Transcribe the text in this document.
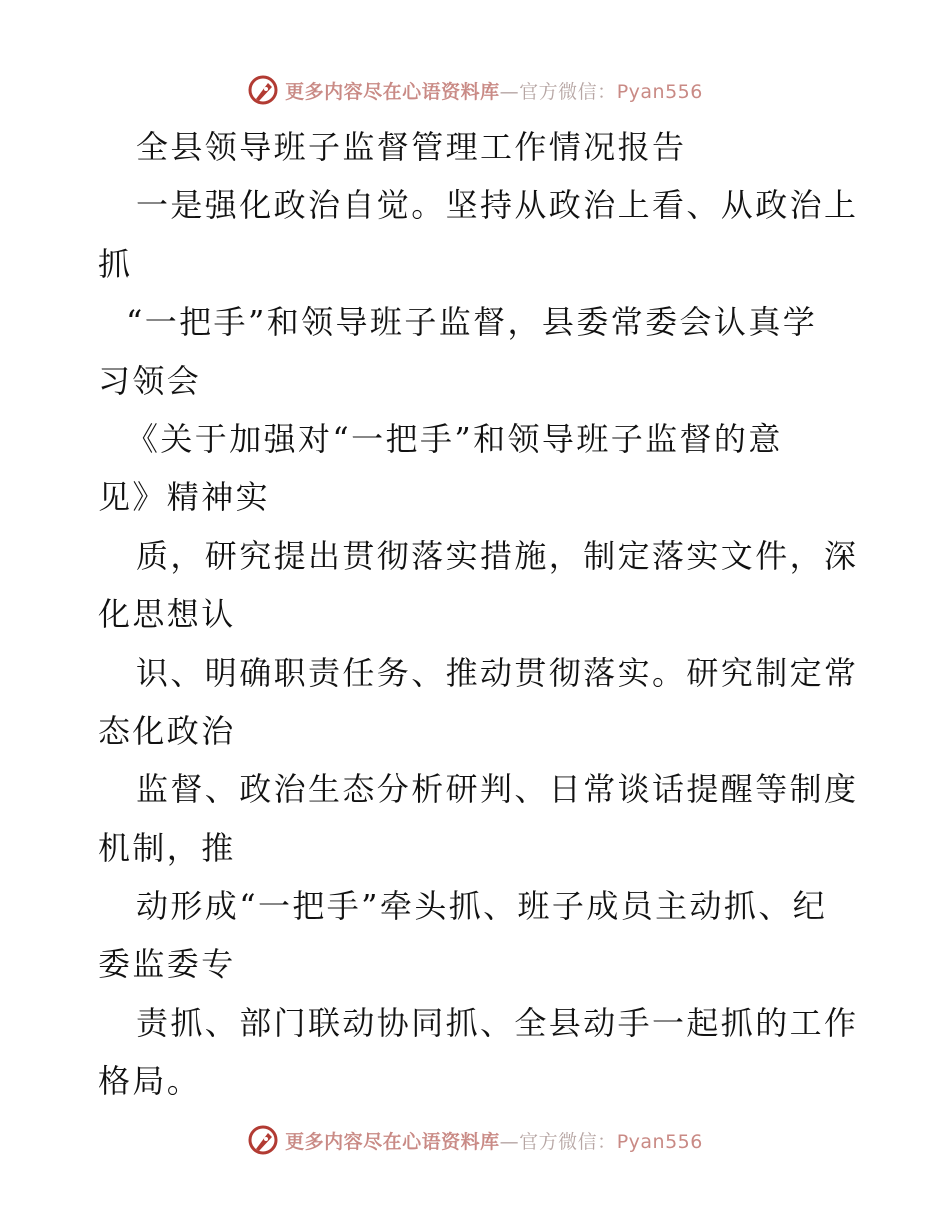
更多内容尽在心语资料库—官方微信：Pyan556
全县领导班子监督管理工作情况报告
一是强化政治自觉。坚持从政治上看、从政治上
抓
“一把手”和领导班子监督，县委常委会认真学
习领会
《关于加强对“一把手”和领导班子监督的意
见》精神实
质，研究提出贯彻落实措施，制定落实文件，深
化思想认
识、明确职责任务、推动贯彻落实。研究制定常
态化政治
监督、政治生态分析研判、日常谈话提醒等制度
机制，推
动形成“一把手”牵头抓、班子成员主动抓、纪
委监委专
责抓、部门联动协同抓、全县动手一起抓的工作
格局。
更多内容尽在心语资料库—官方微信：Pyan556
